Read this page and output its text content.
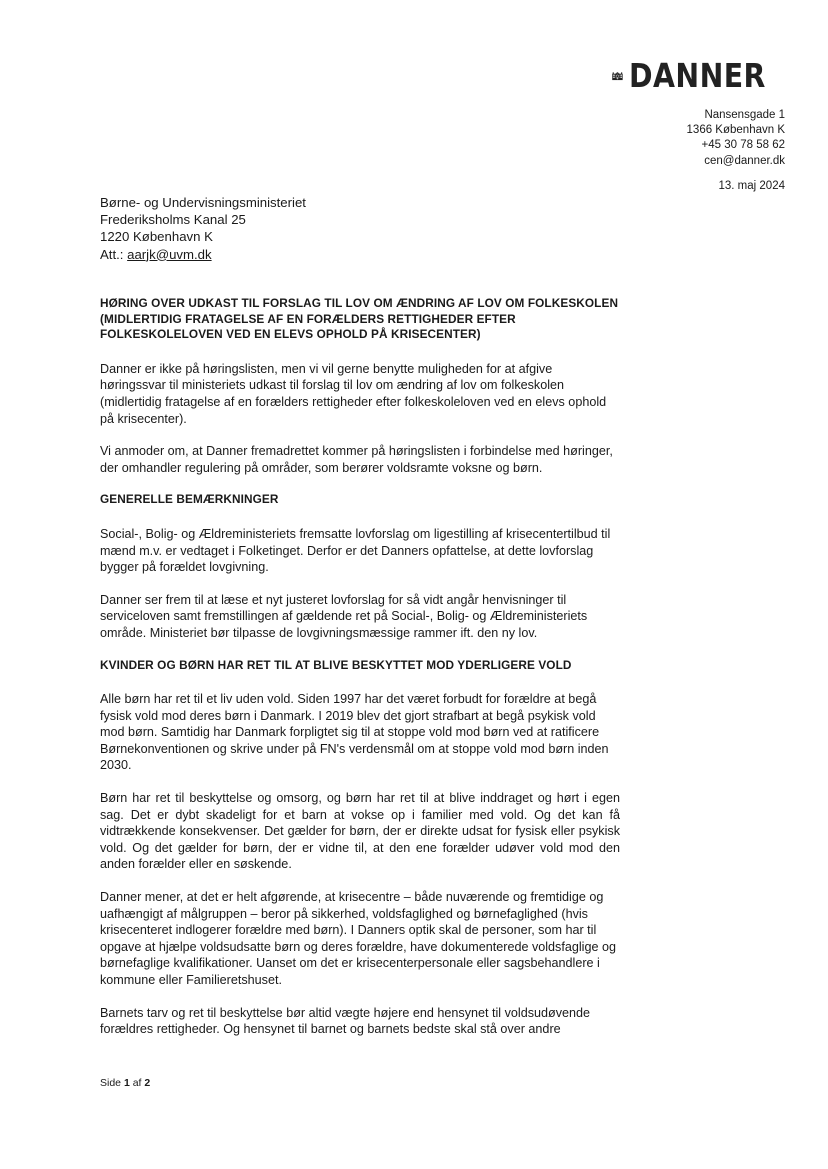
DANNER
Nansensgade 1
1366 København K
+45 30 78 58 62
cen@danner.dk
13. maj 2024
Børne- og Undervisningsministeriet
Frederiksholms Kanal 25
1220 København K
Att.: aarjk@uvm.dk
HØRING OVER UDKAST TIL FORSLAG TIL LOV OM ÆNDRING AF LOV OM FOLKESKOLEN (MIDLERTIDIG FRATAGELSE AF EN FORÆLDERS RETTIGHEDER EFTER FOLKESKOLELOVEN VED EN ELEVS OPHOLD PÅ KRISECENTER)

Danner er ikke på høringslisten, men vi vil gerne benytte muligheden for at afgive høringssvar til ministeriets udkast til forslag til lov om ændring af lov om folkeskolen (midlertidig fratagelse af en forælders rettigheder efter folkeskoleloven ved en elevs ophold på krisecenter).

Vi anmoder om, at Danner fremadrettet kommer på høringslisten i forbindelse med høringer, der omhandler regulering på områder, som berører voldsramte voksne og børn.

GENERELLE BEMÆRKNINGER

Social-, Bolig- og Ældreministeriets fremsatte lovforslag om ligestilling af krisecentertilbud til mænd m.v. er vedtaget i Folketinget. Derfor er det Danners opfattelse, at dette lovforslag bygger på forældet lovgivning.

Danner ser frem til at læse et nyt justeret lovforslag for så vidt angår henvisninger til serviceloven samt fremstillingen af gældende ret på Social-, Bolig- og Ældreministeriets område. Ministeriet bør tilpasse de lovgivningsmæssige rammer ift. den ny lov.

KVINDER OG BØRN HAR RET TIL AT BLIVE BESKYTTET MOD YDERLIGERE VOLD

Alle børn har ret til et liv uden vold. Siden 1997 har det været forbudt for forældre at begå fysisk vold mod deres børn i Danmark. I 2019 blev det gjort strafbart at begå psykisk vold mod børn. Samtidig har Danmark forpligtet sig til at stoppe vold mod børn ved at ratificere Børnekonventionen og skrive under på FN's verdensmål om at stoppe vold mod børn inden 2030.

Børn har ret til beskyttelse og omsorg, og børn har ret til at blive inddraget og hørt i egen sag. Det er dybt skadeligt for et barn at vokse op i familier med vold. Og det kan få vidtrækkende konsekvenser. Det gælder for børn, der er direkte udsat for fysisk eller psykisk vold. Og det gælder for børn, der er vidne til, at den ene forælder udøver vold mod den anden forælder eller en søskende.

Danner mener, at det er helt afgørende, at krisecentre – både nuværende og fremtidige og uafhængigt af målgruppen – beror på sikkerhed, voldsfaglighed og børnefaglighed (hvis krisecenteret indlogerer forældre med børn). I Danners optik skal de personer, som har til opgave at hjælpe voldsudsatte børn og deres forældre, have dokumenterede voldsfaglige og børnefaglige kvalifikationer. Uanset om det er krisecenterpersonale eller sagsbehandlere i kommune eller Familieretshuset.

Barnets tarv og ret til beskyttelse bør altid vægte højere end hensynet til voldsudøvende forældres rettigheder. Og hensynet til barnet og barnets bedste skal stå over andre

Side 1 af 2
